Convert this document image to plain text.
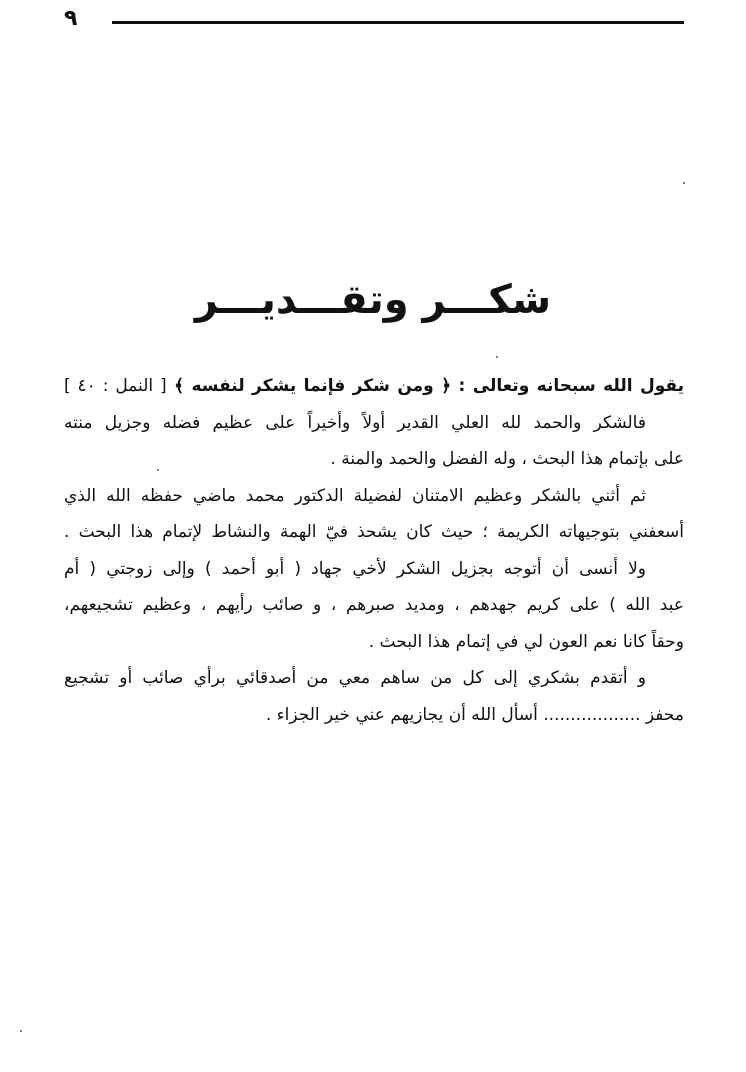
٩
شكـــر وتقـــديـــر
يقول الله سبحانه وتعالى : ﴿ ومن شكر فإنما يشكر لنفسه ﴾ [ النمل : ٤٠ ]
فالشكر والحمد لله العلي القدير أولاً وأخيراً على عظيم فضله وجزيل منته
على بإتمام هذا البحث ، وله الفضل والحمد والمنة .
ثم أثني بالشكر وعظيم الامتنان لفضيلة الدكتور محمد ماضي حفظه الله الذي
أسعفني بتوجيهاته الكريمة ؛ حيث كان يشحذ فيّ الهمة والنشاط لإتمام هذا البحث .
ولا أنسى أن أتوجه بجزيل الشكر لأخي جهاد ( أبو أحمد ) وإلى زوجتي ( أم
عبد الله ) على كريم جهدهم ، ومديد صبرهم ، و صائب رأيهم ، وعظيم تشجيعهم،
وحقاً كانا نعم العون لي في إتمام هذا البحث .
و أتقدم بشكري إلى كل من ساهم معي من أصدقائي برأي صائب أو تشجيع
محفز .................. أسأل الله أن يجازيهم عني خير الجزاء .
